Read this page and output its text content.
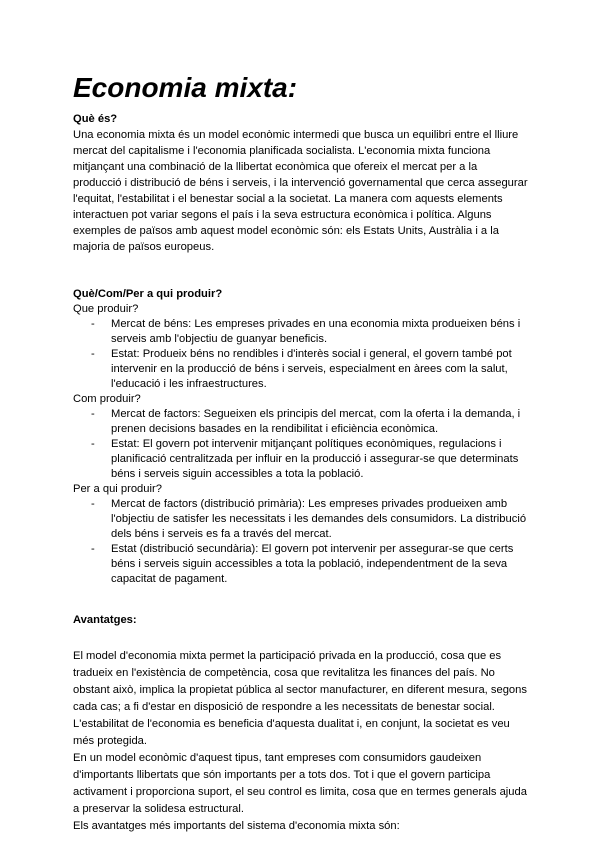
Economia mixta:
Què és?

Una economia mixta és un model econòmic intermedi que busca un equilibri entre el lliure mercat del capitalisme i l'economia planificada socialista. L'economia mixta funciona mitjançant una combinació de la llibertat econòmica que ofereix el mercat per a la producció i distribució de béns i serveis, i la intervenció governamental que cerca assegurar l'equitat, l'estabilitat i el benestar social a la societat. La manera com aquests elements interactuen pot variar segons el país i la seva estructura econòmica i política. Alguns exemples de països amb aquest model econòmic són: els Estats Units, Austràlia i a la majoria de països europeus.

Què/Com/Per a qui produir?
Que produir?
- Mercat de béns: Les empreses privades en una economia mixta produeixen béns i serveis amb l'objectiu de guanyar beneficis.
- Estat: Produeix béns no rendibles i d'interès social i general, el govern també pot intervenir en la producció de béns i serveis, especialment en àrees com la salut, l'educació i les infraestructures.
Com produir?
- Mercat de factors: Segueixen els principis del mercat, com la oferta i la demanda, i prenen decisions basades en la rendibilitat i eficiència econòmica.
- Estat: El govern pot intervenir mitjançant polítiques econòmiques, regulacions i planificació centralitzada per influir en la producció i assegurar-se que determinats béns i serveis siguin accessibles a tota la població.
Per a qui produir?
- Mercat de factors (distribució primària): Les empreses privades produeixen amb l'objectiu de satisfer les necessitats i les demandes dels consumidors. La distribució dels béns i serveis es fa a través del mercat.
- Estat (distribució secundària): El govern pot intervenir per assegurar-se que certs béns i serveis siguin accessibles a tota la població, independentment de la seva capacitat de pagament.
Avantatges:

El model d'economia mixta permet la participació privada en la producció, cosa que es tradueix en l'existència de competència, cosa que revitalitza les finances del país. No obstant això, implica la propietat pública al sector manufacturer, en diferent mesura, segons cada cas; a fi d'estar en disposició de respondre a les necessitats de benestar social.

L'estabilitat de l'economia es beneficia d'aquesta dualitat i, en conjunt, la societat es veu més protegida.

En un model econòmic d'aquest tipus, tant empreses com consumidors gaudeixen d'importants llibertats que són importants per a tots dos. Tot i que el govern participa activament i proporciona suport, el seu control es limita, cosa que en termes generals ajuda a preservar la solidesa estructural.

Els avantatges més importants del sistema d'economia mixta són:
